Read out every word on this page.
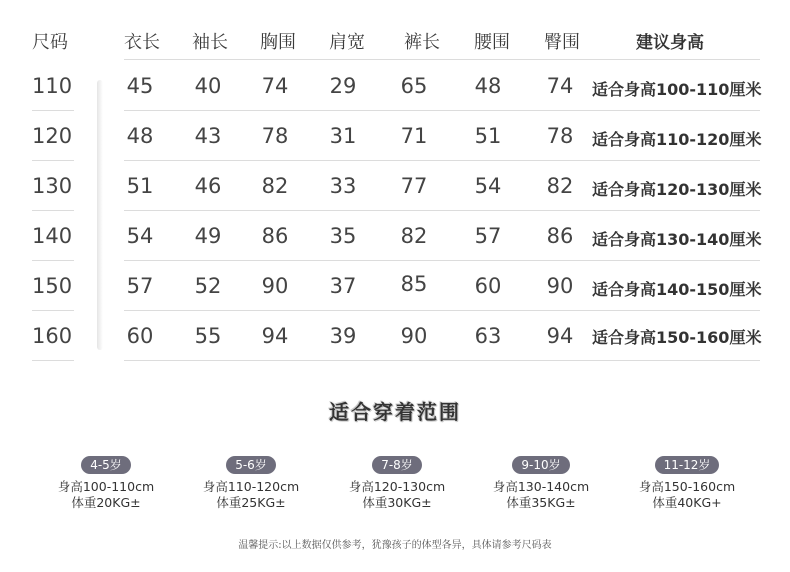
尺码	衣长 袖长 胸围 肩宽 裤长 腰围 臀围	建议身高
110	45	40	74	29	65	48	74	适合身高100-110厘米
120	48	43	78	31	71	51	78	适合身高110-120厘米
130	51	46	82	33	77	54	82	适合身高120-130厘米
140	54	49	86	35	82	57	86	适合身高130-140厘米
150	57	52	90	37	85	60	90	适合身高140-150厘米
160	60	55	94	39	90	63	94	适合身高150-160厘米
适合穿着范围
4-5岁
身高100-110cm
体重20KG±
5-6岁
身高110-120cm
体重25KG±
7-8岁
身高120-130cm
体重30KG±
9-10岁
身高130-140cm
体重35KG±
11-12岁
身高150-160cm
体重40KG+
温馨提示:以上数据仅供参考，犹豫孩子的体型各异，具体请参考尺码表
